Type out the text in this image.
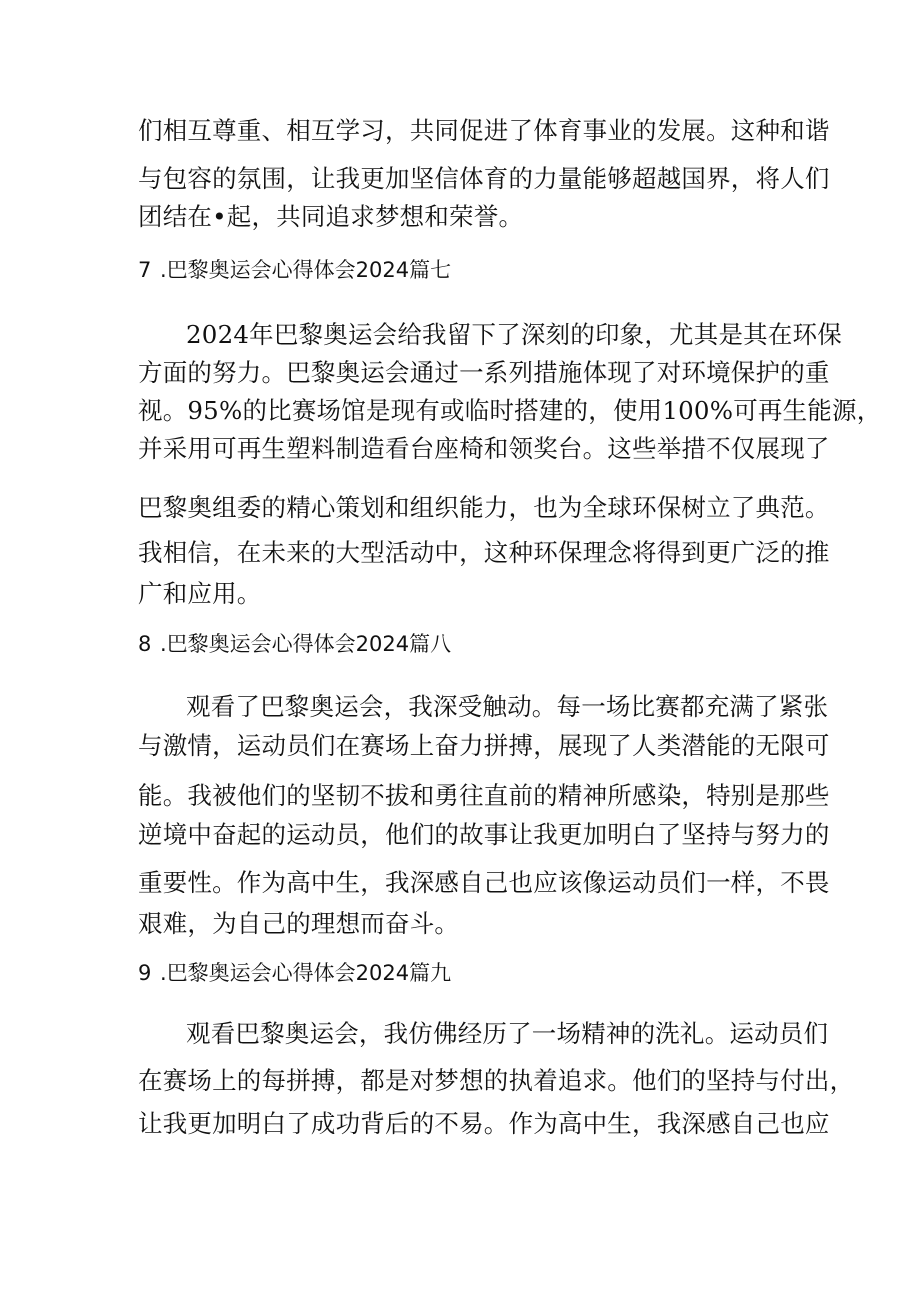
们相互尊重、相互学习，共同促进了体育事业的发展。这种和谐
与包容的氛围，让我更加坚信体育的力量能够超越国界，将人们
团结在•起，共同追求梦想和荣誉。
7 .巴黎奥运会心得体会2024篇七
2024年巴黎奥运会给我留下了深刻的印象，尤其是其在环保
方面的努力。巴黎奥运会通过一系列措施体现了对环境保护的重
视。95%的比赛场馆是现有或临时搭建的，使用100%可再生能源，
并采用可再生塑料制造看台座椅和领奖台。这些举措不仅展现了
巴黎奥组委的精心策划和组织能力，也为全球环保树立了典范。
我相信，在未来的大型活动中，这种环保理念将得到更广泛的推
广和应用。
8 .巴黎奥运会心得体会2024篇八
观看了巴黎奥运会，我深受触动。每一场比赛都充满了紧张
与激情，运动员们在赛场上奋力拼搏，展现了人类潜能的无限可
能。我被他们的坚韧不拔和勇往直前的精神所感染，特别是那些
逆境中奋起的运动员，他们的故事让我更加明白了坚持与努力的
重要性。作为高中生，我深感自己也应该像运动员们一样，不畏
艰难，为自己的理想而奋斗。
9 .巴黎奥运会心得体会2024篇九
观看巴黎奥运会，我仿佛经历了一场精神的洗礼。运动员们
在赛场上的每拼搏，都是对梦想的执着追求。他们的坚持与付出，
让我更加明白了成功背后的不易。作为高中生，我深感自己也应
